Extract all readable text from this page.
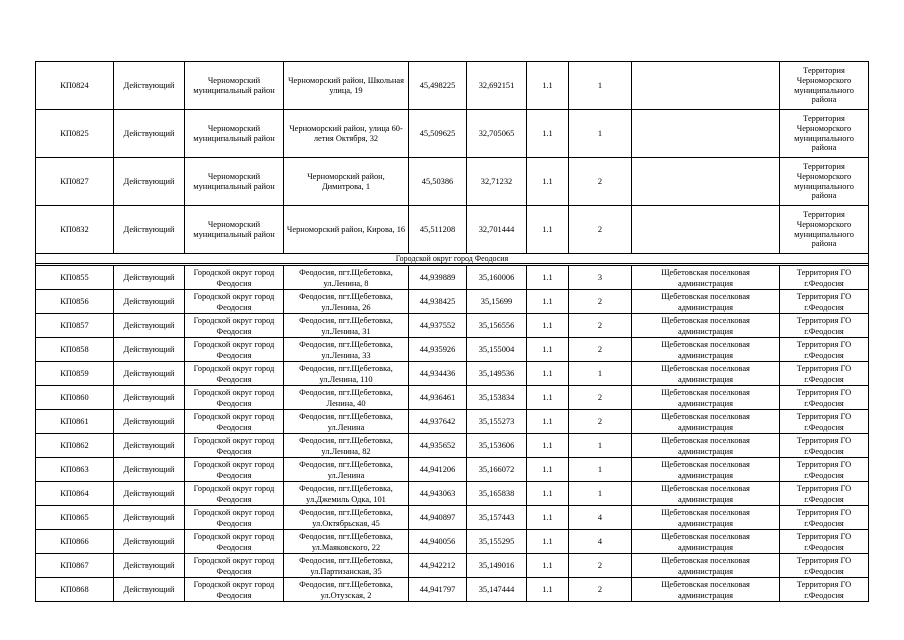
КП0824	Действующий	Черноморский муниципальный район	Черноморский район, Школьная улица, 19	45,498225	32,692151	1.1	1		Территория Черноморского муниципального района
КП0825	Действующий	Черноморский муниципальный район	Черноморский район, улица 60-летия Октября, 32	45,509625	32,705065	1.1	1		Территория Черноморского муниципального района
КП0827	Действующий	Черноморский муниципальный район	Черноморский район, Димитрова, 1	45,50386	32,71232	1.1	2		Территория Черноморского муниципального района
КП0832	Действующий	Черноморский муниципальный район	Черноморский район, Кирова, 16	45,511208	32,701444	1.1	2		Территория Черноморского муниципального района
Городской округ город Феодосия									

КП0855	Действующий	Городской округ город Феодосия	Феодосия, пгт.Щебетовка, ул.Ленина, 8	44,939889	35,160006	1.1	3	Щебетовская поселковая администрация	Территория ГО г.Феодосия
КП0856	Действующий	Городской округ город Феодосия	Феодосия, пгт.Щебетовка, ул.Ленина, 26	44,938425	35,15699	1.1	2	Щебетовская поселковая администрация	Территория ГО г.Феодосия
КП0857	Действующий	Городской округ город Феодосия	Феодосия, пгт.Щебетовка, ул.Ленина, 31	44,937552	35,156556	1.1	2	Щебетовская поселковая администрация	Территория ГО г.Феодосия
КП0858	Действующий	Городской округ город Феодосия	Феодосия, пгт.Щебетовка, ул.Ленина, 33	44,935926	35,155004	1.1	2	Щебетовская поселковая администрация	Территория ГО г.Феодосия
КП0859	Действующий	Городской округ город Феодосия	Феодосия, пгт.Щебетовка, ул.Ленина, 110	44,934436	35,149536	1.1	1	Щебетовская поселковая администрация	Территория ГО г.Феодосия
КП0860	Действующий	Городской округ город Феодосия	Феодосия, пгт.Щебетовка, Ленина, 40	44,936461	35,153834	1.1	2	Щебетовская поселковая администрация	Территория ГО г.Феодосия
КП0861	Действующий	Городской округ город Феодосия	Феодосия, пгт.Щебетовка, ул.Ленина	44,937642	35,155273	1.1	2	Щебетовская поселковая администрация	Территория ГО г.Феодосия
КП0862	Действующий	Городской округ город Феодосия	Феодосия, пгт.Щебетовка, ул.Ленина, 82	44,935652	35,153606	1.1	1	Щебетовская поселковая администрация	Территория ГО г.Феодосия
КП0863	Действующий	Городской округ город Феодосия	Феодосия, пгт.Щебетовка, ул.Ленина	44,941206	35,166072	1.1	1	Щебетовская поселковая администрация	Территория ГО г.Феодосия
КП0864	Действующий	Городской округ город Феодосия	Феодосия, пгт.Щебетовка, ул.Джемиль Одка, 101	44,943063	35,165838	1.1	1	Щебетовская поселковая администрация	Территория ГО г.Феодосия
КП0865	Действующий	Городской округ город Феодосия	Феодосия, пгт.Щебетовка, ул.Октябрьская, 45	44,940897	35,157443	1.1	4	Щебетовская поселковая администрация	Территория ГО г.Феодосия
КП0866	Действующий	Городской округ город Феодосия	Феодосия, пгт.Щебетовка, ул.Маяковского, 22	44,940056	35,155295	1.1	4	Щебетовская поселковая администрация	Территория ГО г.Феодосия
КП0867	Действующий	Городской округ город Феодосия	Феодосия, пгт.Щебетовка, ул.Партизанская, 35	44,942212	35,149016	1.1	2	Щебетовская поселковая администрация	Территория ГО г.Феодосия
КП0868	Действующий	Городской округ город Феодосия	Феодосия, пгт.Щебетовка, ул.Отузская, 2	44,941797	35,147444	1.1	2	Щебетовская поселковая администрация	Территория ГО г.Феодосия
